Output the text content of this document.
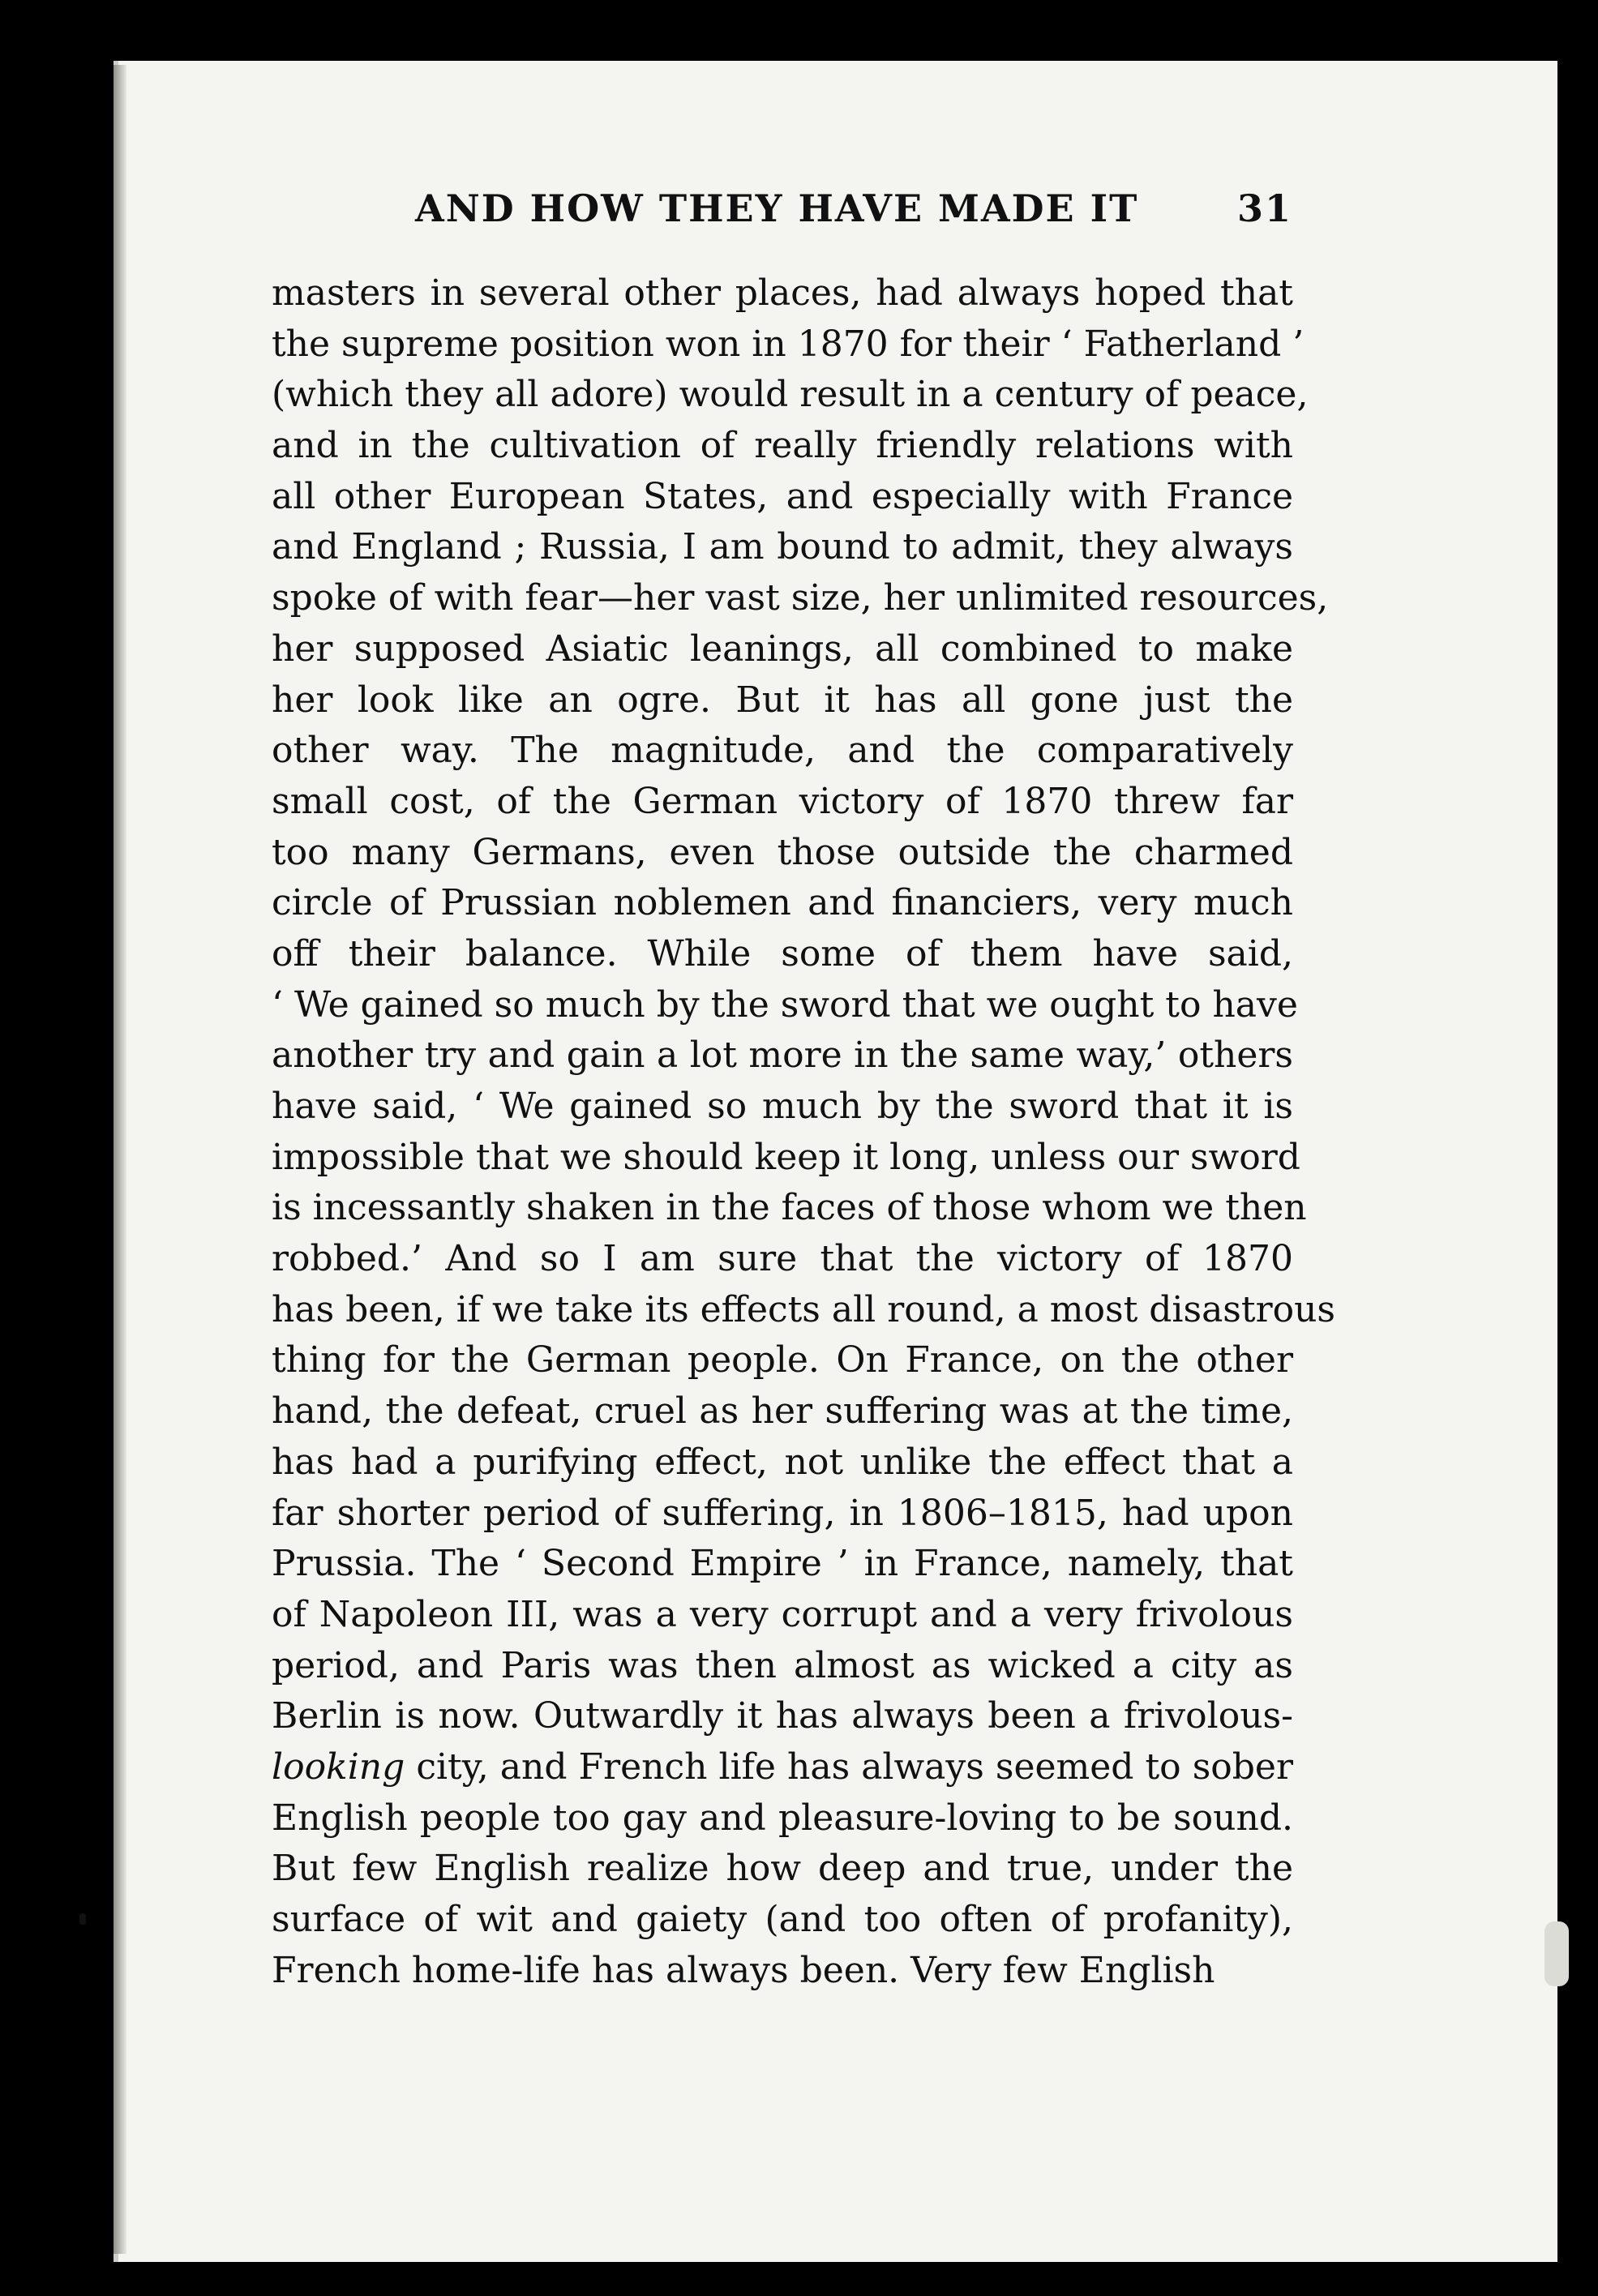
AND HOW THEY HAVE MADE IT	31
masters in several other places, had always hoped that
the supreme position won in 1870 for their ‘ Fatherland ’
(which they all adore) would result in a century of peace,
and in the cultivation of really friendly relations with
all other European States, and especially with France
and England ; Russia, I am bound to admit, they always
spoke of with fear—her vast size, her unlimited resources,
her supposed Asiatic leanings, all combined to make
her look like an ogre. But it has all gone just the
other way. The magnitude, and the comparatively
small cost, of the German victory of 1870 threw far
too many Germans, even those outside the charmed
circle of Prussian noblemen and financiers, very much
off their balance. While some of them have said,
‘ We gained so much by the sword that we ought to have
another try and gain a lot more in the same way,’ others
have said, ‘ We gained so much by the sword that it is
impossible that we should keep it long, unless our sword
is incessantly shaken in the faces of those whom we then
robbed.’ And so I am sure that the victory of 1870
has been, if we take its effects all round, a most disastrous
thing for the German people. On France, on the other
hand, the defeat, cruel as her suffering was at the time,
has had a purifying effect, not unlike the effect that a
far shorter period of suffering, in 1806–1815, had upon
Prussia. The ‘ Second Empire ’ in France, namely, that
of Napoleon III, was a very corrupt and a very frivolous
period, and Paris was then almost as wicked a city as
Berlin is now. Outwardly it has always been a frivolous-
looking city, and French life has always seemed to sober
English people too gay and pleasure-loving to be sound.
But few English realize how deep and true, under the
surface of wit and gaiety (and too often of profanity),
French home-life has always been. Very few English
